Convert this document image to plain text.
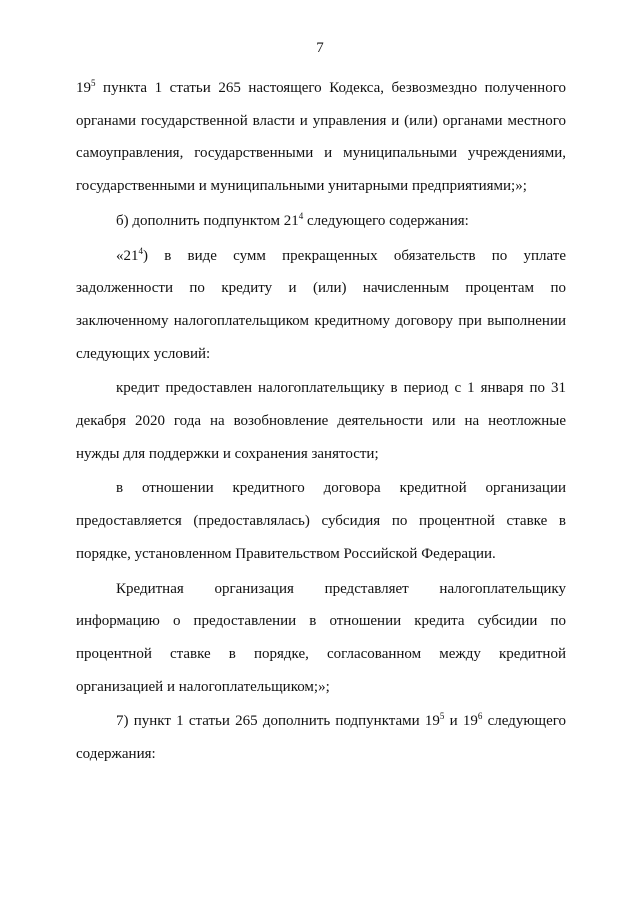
7

$19^5$ пункта 1 статьи 265 настоящего Кодекса, безвозмездно полученного органами государственной власти и управления и (или) органами местного самоуправления, государственными и муниципальными учреждениями, государственными и муниципальными унитарными предприятиями;»;

б) дополнить подпунктом $21^4$ следующего содержания:

«$21^4$) в виде сумм прекращенных обязательств по уплате задолженности по кредиту и (или) начисленным процентам по заключенному налогоплательщиком кредитному договору при выполнении следующих условий:

кредит предоставлен налогоплательщику в период с 1 января по 31 декабря 2020 года на возобновление деятельности или на неотложные нужды для поддержки и сохранения занятости;

в отношении кредитного договора кредитной организации предоставляется (предоставлялась) субсидия по процентной ставке в порядке, установленном Правительством Российской Федерации.

Кредитная организация представляет налогоплательщику информацию о предоставлении в отношении кредита субсидии по процентной ставке в порядке, согласованном между кредитной организацией и налогоплательщиком;»;

7) пункт 1 статьи 265 дополнить подпунктами $19^5$ и $19^6$ следующего содержания:
